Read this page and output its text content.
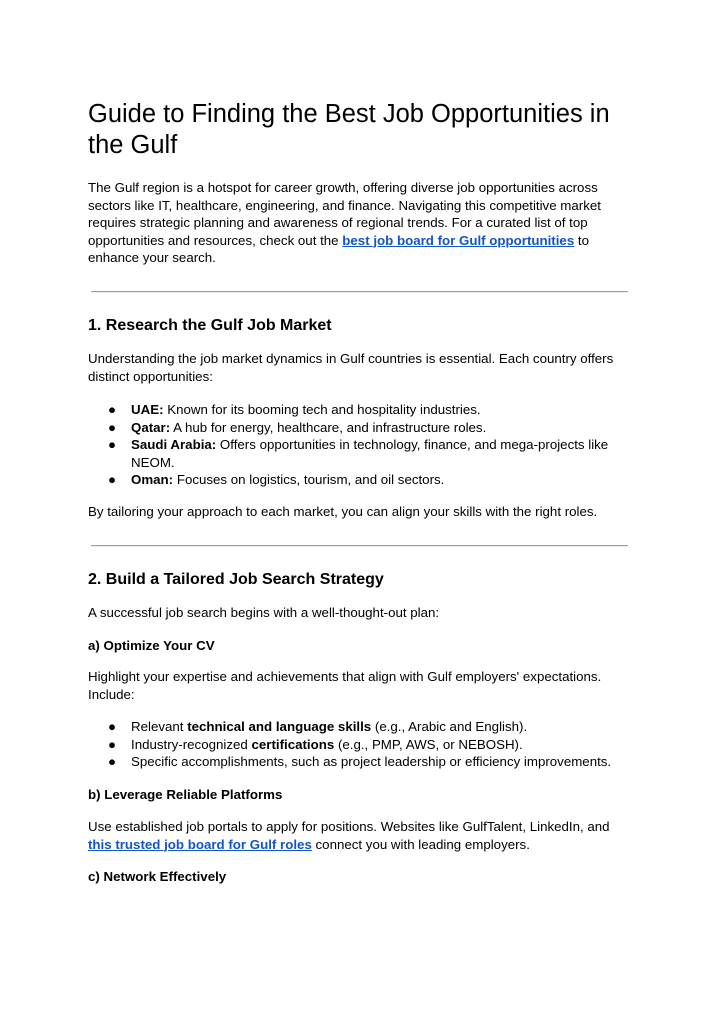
Guide to Finding the Best Job Opportunities in the Gulf

The Gulf region is a hotspot for career growth, offering diverse job opportunities across sectors like IT, healthcare, engineering, and finance. Navigating this competitive market requires strategic planning and awareness of regional trends. For a curated list of top opportunities and resources, check out the best job board for Gulf opportunities to enhance your search.

1. Research the Gulf Job Market

Understanding the job market dynamics in Gulf countries is essential. Each country offers distinct opportunities:

● UAE: Known for its booming tech and hospitality industries.
● Qatar: A hub for energy, healthcare, and infrastructure roles.
● Saudi Arabia: Offers opportunities in technology, finance, and mega-projects like NEOM.
● Oman: Focuses on logistics, tourism, and oil sectors.

By tailoring your approach to each market, you can align your skills with the right roles.

2. Build a Tailored Job Search Strategy

A successful job search begins with a well-thought-out plan:

a) Optimize Your CV

Highlight your expertise and achievements that align with Gulf employers' expectations. Include:

● Relevant technical and language skills (e.g., Arabic and English).
● Industry-recognized certifications (e.g., PMP, AWS, or NEBOSH).
● Specific accomplishments, such as project leadership or efficiency improvements.
b) Leverage Reliable Platforms

Use established job portals to apply for positions. Websites like GulfTalent, LinkedIn, and this trusted job board for Gulf roles connect you with leading employers.

c) Network Effectively
